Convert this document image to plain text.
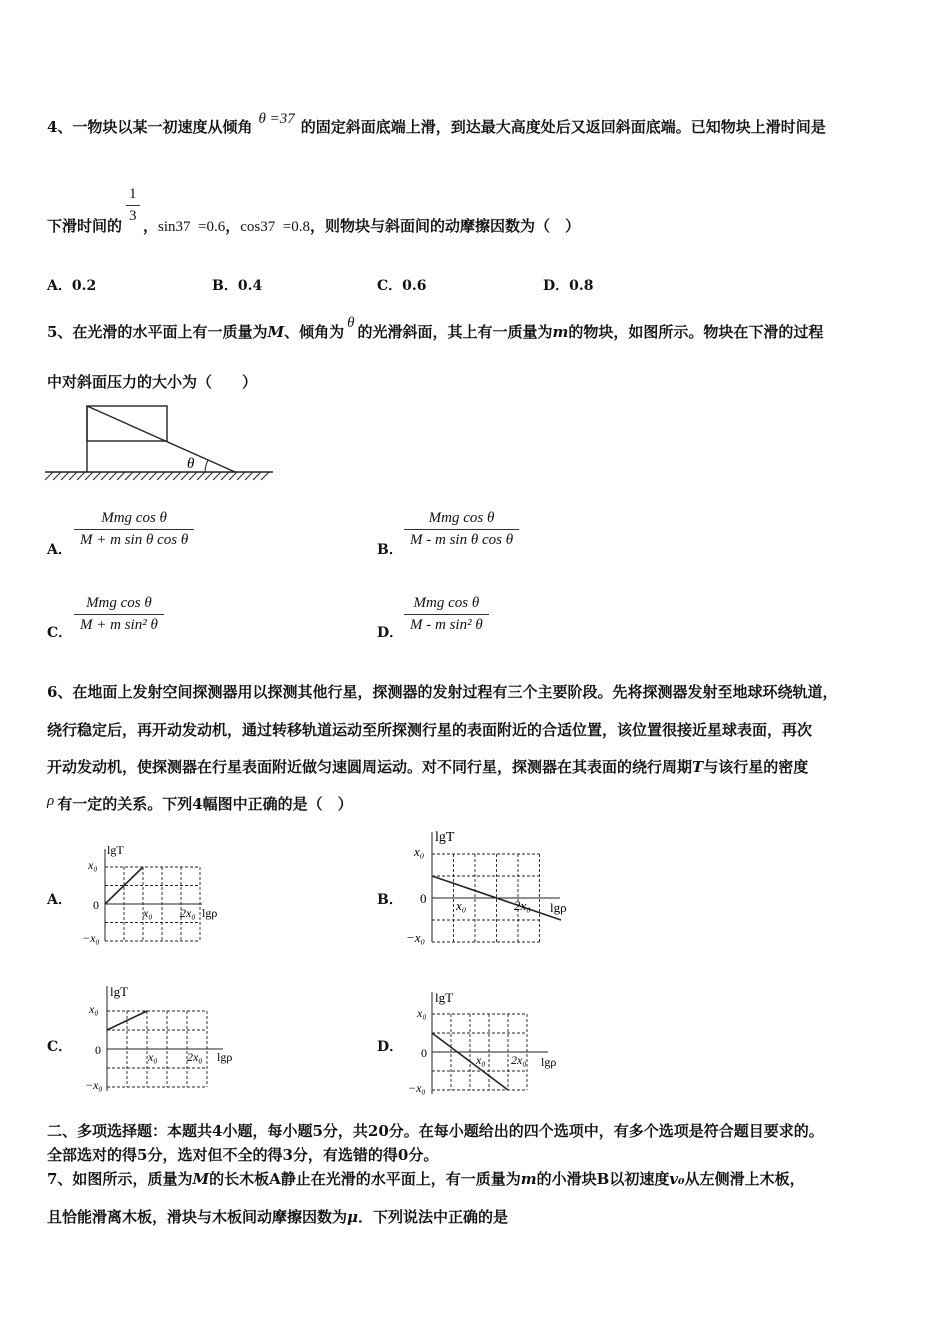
4、一物块以某一初速度从倾角 θ =37 的固定斜面底端上滑，到达最大高度处后又返回斜面底端。已知物块上滑时间是
下滑时间的
$\frac{1}{3}$
，sin37  =0.6，cos37  =0.8，则物块与斜面间的动摩擦因数为（　）
A．0.2	B．0.4	C．0.6	D．0.8
5、在光滑的水平面上有一质量为M、倾角为 θ 的光滑斜面，其上有一质量为m的物块，如图所示。物块在下滑的过程
中对斜面压力的大小为（　　）
θ
A．
Mmg cos θ
M + m sin θ cos θ
B．
Mmg cos θ
M - m sin θ cos θ
C．
Mmg cos θ
M + m sin² θ	D．
Mmg cos θ
M - m sin² θ
6、在地面上发射空间探测器用以探测其他行星，探测器的发射过程有三个主要阶段。先将探测器发射至地球环绕轨道，
绕行稳定后，再开动发动机，通过转移轨道运动至所探测行星的表面附近的合适位置，该位置很接近星球表面，再次
开动发动机，使探测器在行星表面附近做匀速圆周运动。对不同行星，探测器在其表面的绕行周期T与该行星的密度
ρ 有一定的关系。下列4幅图中正确的是（　）
A．	B．
C．	D．
lgT
lgρ
x₀
0
−x₀
x₀ 2x₀
lgT
lgρ
x₀
0
−x₀
x₀	2x₀
lgT
lgρ
x₀
0
−x₀
x₀ 2x₀
lgT
lgρ
x₀
0
−x₀
x₀ 2x₀
二、多项选择题：本题共4小题，每小题5分，共20分。在每小题给出的四个选项中，有多个选项是符合题目要求的。
全部选对的得5分，选对但不全的得3分，有选错的得0分。
7、如图所示，质量为M的长木板A静止在光滑的水平面上，有一质量为m的小滑块B以初速度v₀从左侧滑上木板，
且恰能滑离木板，滑块与木板间动摩擦因数为μ．下列说法中正确的是
